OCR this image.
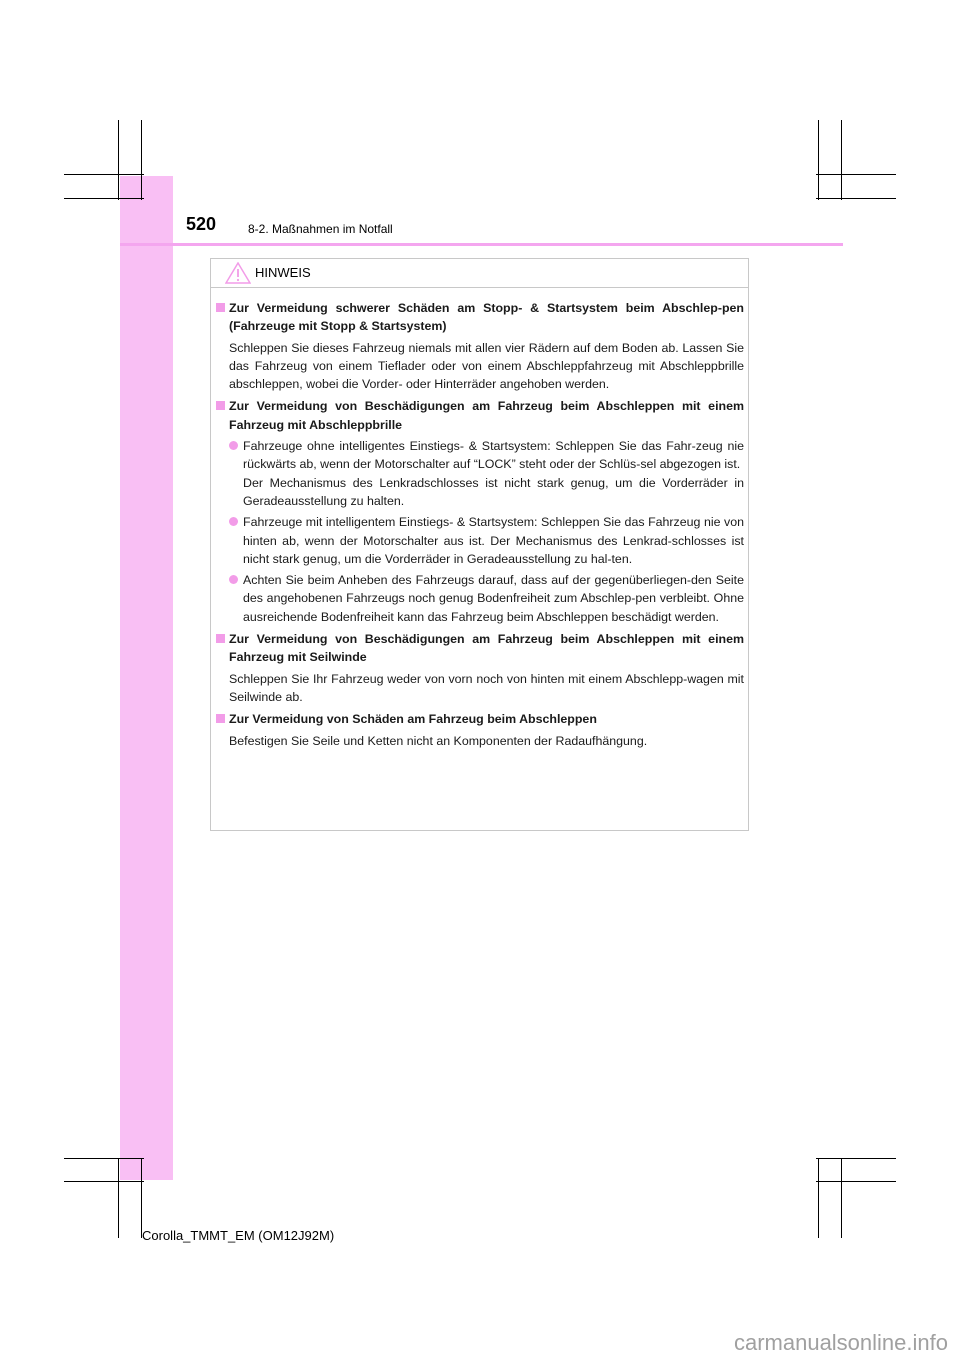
520	8-2. Maßnahmen im Notfall
HINWEIS
Zur Vermeidung schwerer Schäden am Stopp- & Startsystem beim Abschlep-pen (Fahrzeuge mit Stopp & Startsystem)
Schleppen Sie dieses Fahrzeug niemals mit allen vier Rädern auf dem Boden ab. Lassen Sie das Fahrzeug von einem Tieflader oder von einem Abschleppfahrzeug mit Abschleppbrille abschleppen, wobei die Vorder- oder Hinterräder angehoben werden.
Zur Vermeidung von Beschädigungen am Fahrzeug beim Abschleppen mit einem Fahrzeug mit Abschleppbrille
Fahrzeuge ohne intelligentes Einstiegs- & Startsystem: Schleppen Sie das Fahr-zeug nie rückwärts ab, wenn der Motorschalter auf “LOCK” steht oder der Schlüs-sel abgezogen ist.
Der Mechanismus des Lenkradschlosses ist nicht stark genug, um die Vorderräder in Geradeausstellung zu halten.
Fahrzeuge mit intelligentem Einstiegs- & Startsystem: Schleppen Sie das Fahrzeug nie von hinten ab, wenn der Motorschalter aus ist. Der Mechanismus des Lenkrad-schlosses ist nicht stark genug, um die Vorderräder in Geradeausstellung zu hal-ten.
Achten Sie beim Anheben des Fahrzeugs darauf, dass auf der gegenüberliegen-den Seite des angehobenen Fahrzeugs noch genug Bodenfreiheit zum Abschlep-pen verbleibt. Ohne ausreichende Bodenfreiheit kann das Fahrzeug beim Abschleppen beschädigt werden.
Zur Vermeidung von Beschädigungen am Fahrzeug beim Abschleppen mit einem Fahrzeug mit Seilwinde
Schleppen Sie Ihr Fahrzeug weder von vorn noch von hinten mit einem Abschlepp-wagen mit Seilwinde ab.
Zur Vermeidung von Schäden am Fahrzeug beim Abschleppen
Befestigen Sie Seile und Ketten nicht an Komponenten der Radaufhängung.
Corolla_TMMT_EM (OM12J92M)
carmanualsonline.info
